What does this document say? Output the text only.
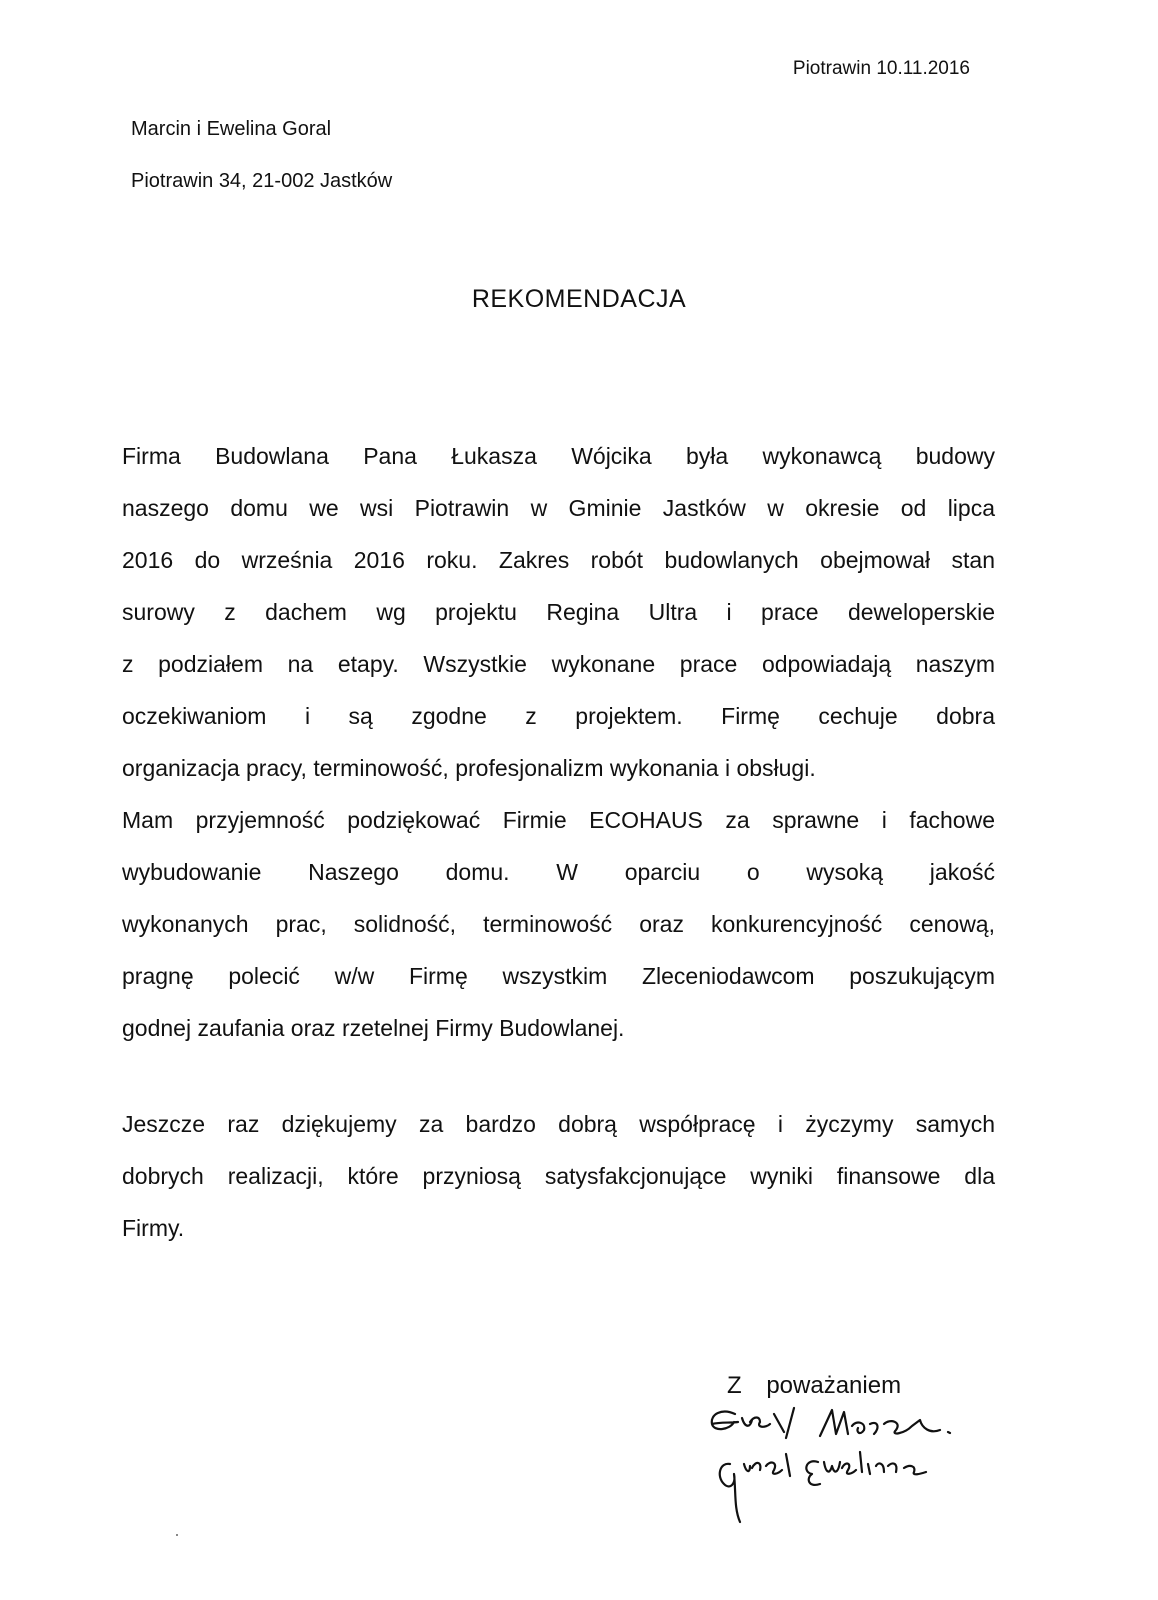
Piotrawin 10.11.2016
Marcin i Ewelina Goral
Piotrawin 34, 21-002 Jastków
REKOMENDACJA
Firma Budowlana Pana Łukasza Wójcika była wykonawcą budowy
naszego domu we wsi Piotrawin w Gminie Jastków w okresie od lipca
2016 do września 2016 roku. Zakres robót budowlanych obejmował stan
surowy z dachem wg projektu Regina Ultra i prace deweloperskie
z podziałem na etapy. Wszystkie wykonane prace odpowiadają naszym
oczekiwaniom i są zgodne z projektem. Firmę cechuje dobra
organizacja pracy, terminowość, profesjonalizm wykonania i obsługi.
Mam przyjemność podziękować Firmie ECOHAUS za sprawne i fachowe
wybudowanie Naszego domu. W oparciu o wysoką jakość
wykonanych prac, solidność, terminowość oraz konkurencyjność cenową,
pragnę polecić w/w Firmę wszystkim Zleceniodawcom poszukującym
godnej zaufania oraz rzetelnej Firmy Budowlanej.
Jeszcze raz dziękujemy za bardzo dobrą współpracę i życzymy samych
dobrych realizacji, które przyniosą satysfakcjonujące wyniki finansowe dla
Firmy.
Z poważaniem
